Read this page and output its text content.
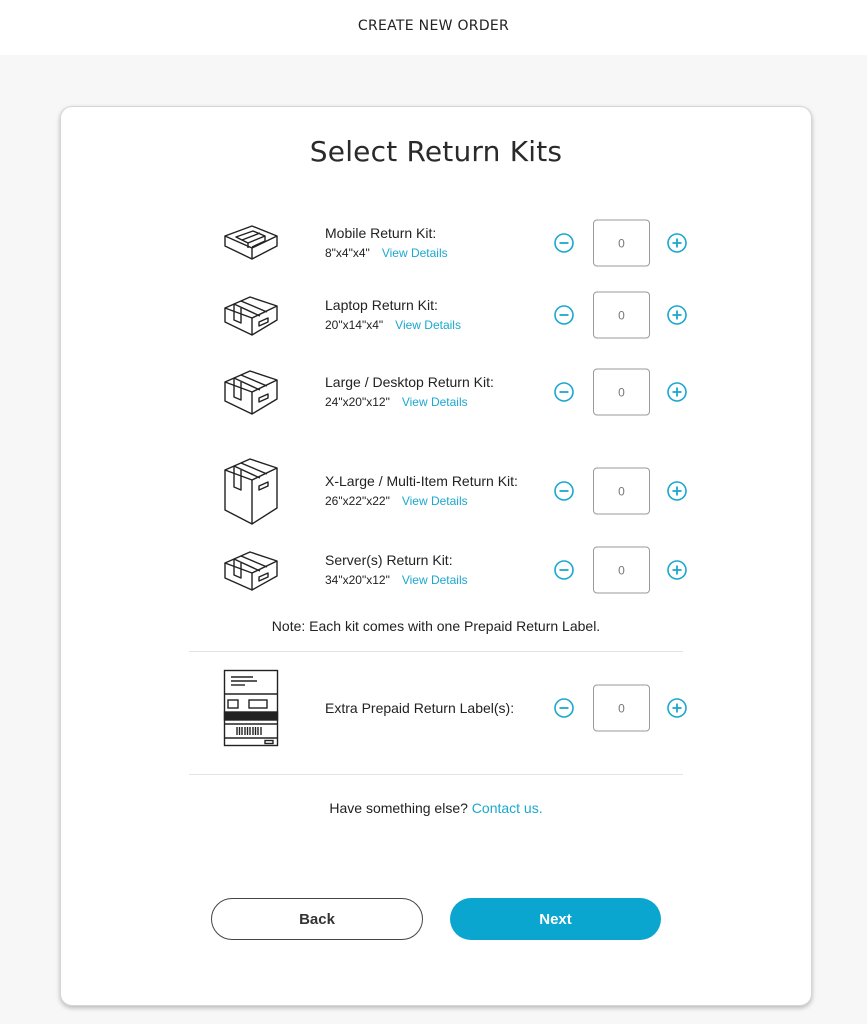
CREATE NEW ORDER
Select Return Kits
Mobile Return Kit:
8"x4"x4" View Details
0
Laptop Return Kit:
20"x14"x4" View Details
0
Large / Desktop Return Kit:
24"x20"x12" View Details
0
X-Large / Multi-Item Return Kit:
26"x22"x22" View Details
0
Server(s) Return Kit:
34"x20"x12" View Details
0
Note: Each kit comes with one Prepaid Return Label.
Extra Prepaid Return Label(s):	0
Have something else? Contact us.
Back	Next
